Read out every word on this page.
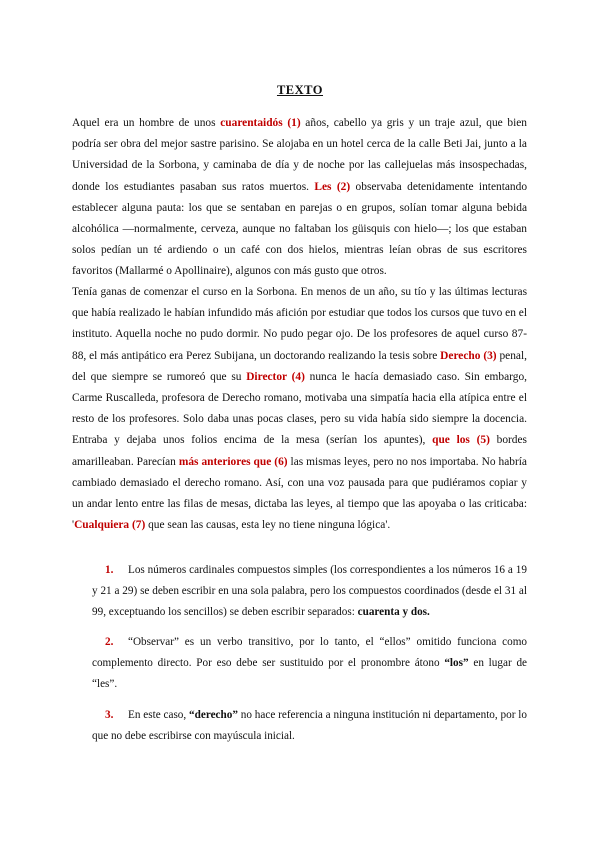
TEXTO

Aquel era un hombre de unos cuarentaidós (1) años, cabello ya gris y un traje azul, que bien podría ser obra del mejor sastre parisino. Se alojaba en un hotel cerca de la calle Beti Jai, junto a la Universidad de la Sorbona, y caminaba de día y de noche por las callejuelas más insospechadas, donde los estudiantes pasaban sus ratos muertos. Les (2) observaba detenidamente intentando establecer alguna pauta: los que se sentaban en parejas o en grupos, solían tomar alguna bebida alcohólica —normalmente, cerveza, aunque no faltaban los güisquis con hielo—; los que estaban solos pedían un té ardiendo o un café con dos hielos, mientras leían obras de sus escritores favoritos (Mallarmé o Apollinaire), algunos con más gusto que otros.

Tenía ganas de comenzar el curso en la Sorbona. En menos de un año, su tío y las últimas lecturas que había realizado le habían infundido más afición por estudiar que todos los cursos que tuvo en el instituto. Aquella noche no pudo dormir. No pudo pegar ojo. De los profesores de aquel curso 87-88, el más antipático era Perez Subijana, un doctorando realizando la tesis sobre Derecho (3) penal, del que siempre se rumoreó que su Director (4) nunca le hacía demasiado caso. Sin embargo, Carme Ruscalleda, profesora de Derecho romano, motivaba una simpatía hacia ella atípica entre el resto de los profesores. Solo daba unas pocas clases, pero su vida había sido siempre la docencia. Entraba y dejaba unos folios encima de la mesa (serían los apuntes), que los (5) bordes amarilleaban. Parecían más anteriores que (6) las mismas leyes, pero no nos importaba. No habría cambiado demasiado el derecho romano. Así, con una voz pausada para que pudiéramos copiar y un andar lento entre las filas de mesas, dictaba las leyes, al tiempo que las apoyaba o las criticaba: 'Cualquiera (7) que sean las causas, esta ley no tiene ninguna lógica'.

1.	Los números cardinales compuestos simples (los correspondientes a los números 16 a 19 y 21 a 29) se deben escribir en una sola palabra, pero los compuestos coordinados (desde el 31 al 99, exceptuando los sencillos) se deben escribir separados: cuarenta y dos.
2.	“Observar” es un verbo transitivo, por lo tanto, el “ellos” omitido funciona como complemento directo. Por eso debe ser sustituido por el pronombre átono “los” en lugar de “les”.
3.	En este caso, “derecho” no hace referencia a ninguna institución ni departamento, por lo que no debe escribirse con mayúscula inicial.
